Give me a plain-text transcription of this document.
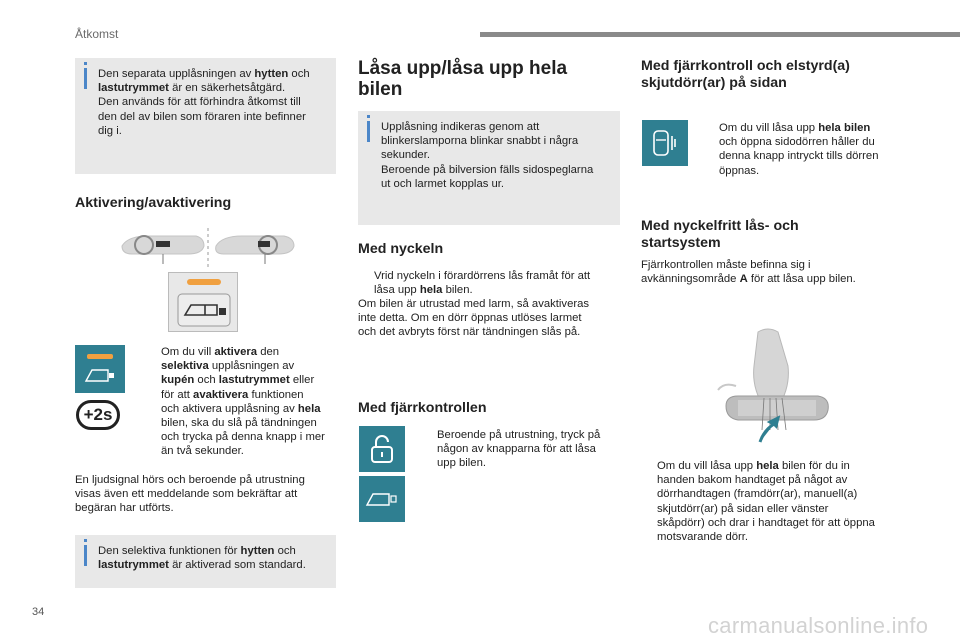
Åtkomst
Den separata upplåsningen av hytten och
lastutrymmet är en säkerhetsåtgärd.
Den används för att förhindra åtkomst till
den del av bilen som föraren inte befinner
dig i.
Aktivering/avaktivering
+2s
Om du vill aktivera den
selektiva upplåsningen av
kupén och lastutrymmet eller
för att avaktivera funktionen
och aktivera upplåsning av hela
bilen, ska du slå på tändningen
och trycka på denna knapp i mer
än två sekunder.
En ljudsignal hörs och beroende på utrustning
visas även ett meddelande som bekräftar att
begäran har utförts.
Den selektiva funktionen för hytten och
lastutrymmet är aktiverad som standard.
Låsa upp/låsa upp hela
bilen
Upplåsning indikeras genom att
blinkerslamporna blinkar snabbt i några
sekunder.
Beroende på bilversion fälls sidospeglarna
ut och larmet kopplas ur.
Med nyckeln
Vrid nyckeln i förardörrens lås framåt för att
låsa upp hela bilen.
Om bilen är utrustad med larm, så avaktiveras
inte detta. Om en dörr öppnas utlöses larmet
och det avbryts först när tändningen slås på.
Med fjärrkontrollen
Beroende på utrustning, tryck på
någon av knapparna för att låsa
upp bilen.
Med fjärrkontroll och elstyrd(a)
skjutdörr(ar) på sidan
Om du vill låsa upp hela bilen
och öppna sidodörren håller du
denna knapp intryckt tills dörren
öppnas.
Med nyckelfritt lås- och
startsystem
Fjärrkontrollen måste befinna sig i
avkänningsområde A för att låsa upp bilen.
Om du vill låsa upp hela bilen för du in
handen bakom handtaget på något av
dörrhandtagen (framdörr(ar), manuell(a)
skjutdörr(ar) på sidan eller vänster
skåpdörr) och drar i handtaget för att öppna
motsvarande dörr.
34
carmanualsonline.info
